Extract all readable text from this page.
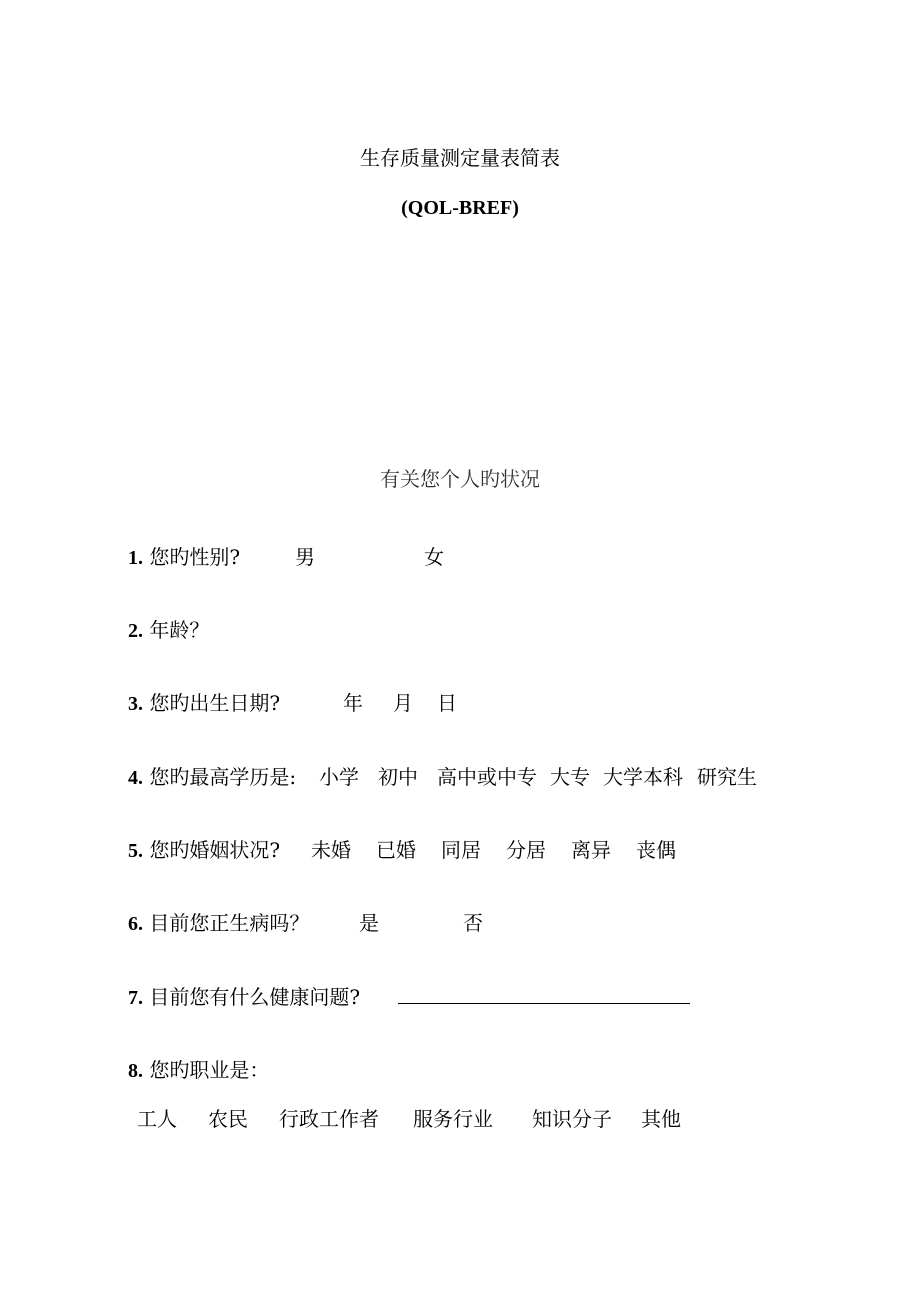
生存质量测定量表简表
(QOL-BREF)
有关您个人旳状况
1. 您旳性别?	男	女
2. 年龄？
3. 您旳出生日期?	年 月 日
4. 您旳最高学历是: 小学 初中 高中或中专 大专 大学本科 研究生
5. 您旳婚姻状况? 未婚 已婚 同居 分居 离异 丧偶
6. 目前您正生病吗？ 是	否
7. 目前您有什么健康问题?
8. 您旳职业是：
工人 农民 行政工作者 服务行业 知识分子 其他
